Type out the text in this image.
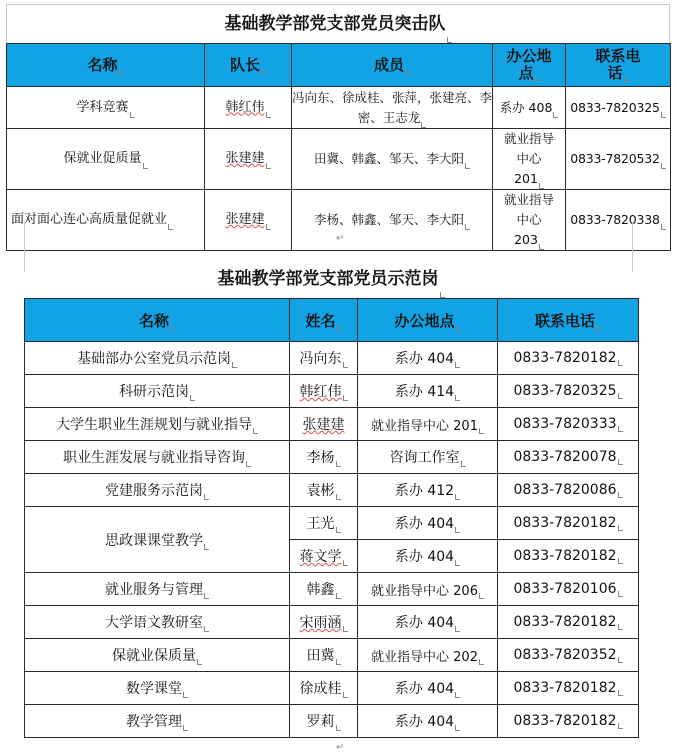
基础教学部党支部党员突击队
名称	队长	成员	办公地点	联系电话
学科竞赛	韩红伟	冯向东、徐成桂、张萍，张建亮、李密、王志龙	系办 408	0833-7820325
保就业促质量	张建建	田冀、韩鑫、邹天、李大阳	就业指导中心 201	0833-7820532
面对面心连心高质量促就业	张建建	李杨、韩鑫、邹天、李大阳	就业指导中心 203	0833-7820338
↵
基础教学部党支部党员示范岗
名称	姓名	办公地点	联系电话
基础部办公室党员示范岗	冯向东	系办 404	0833-7820182
科研示范岗	韩红伟	系办 414	0833-7820325
大学生职业生涯规划与就业指导	张建建	就业指导中心 201	0833-7820333
职业生涯发展与就业指导咨询	李杨	咨询工作室	0833-7820078
党建服务示范岗	袁彬	系办 412	0833-7820086
思政课课堂教学	王光	系办 404	0833-7820182
	蒋文学	系办 404	0833-7820182
就业服务与管理	韩鑫	就业指导中心 206	0833-7820106
大学语文教研室	宋雨涵	系办 404	0833-7820182
保就业保质量	田冀	就业指导中心 202	0833-7820352
数学课堂	徐成桂	系办 404	0833-7820182
教学管理	罗莉	系办 404	0833-7820182
↵
